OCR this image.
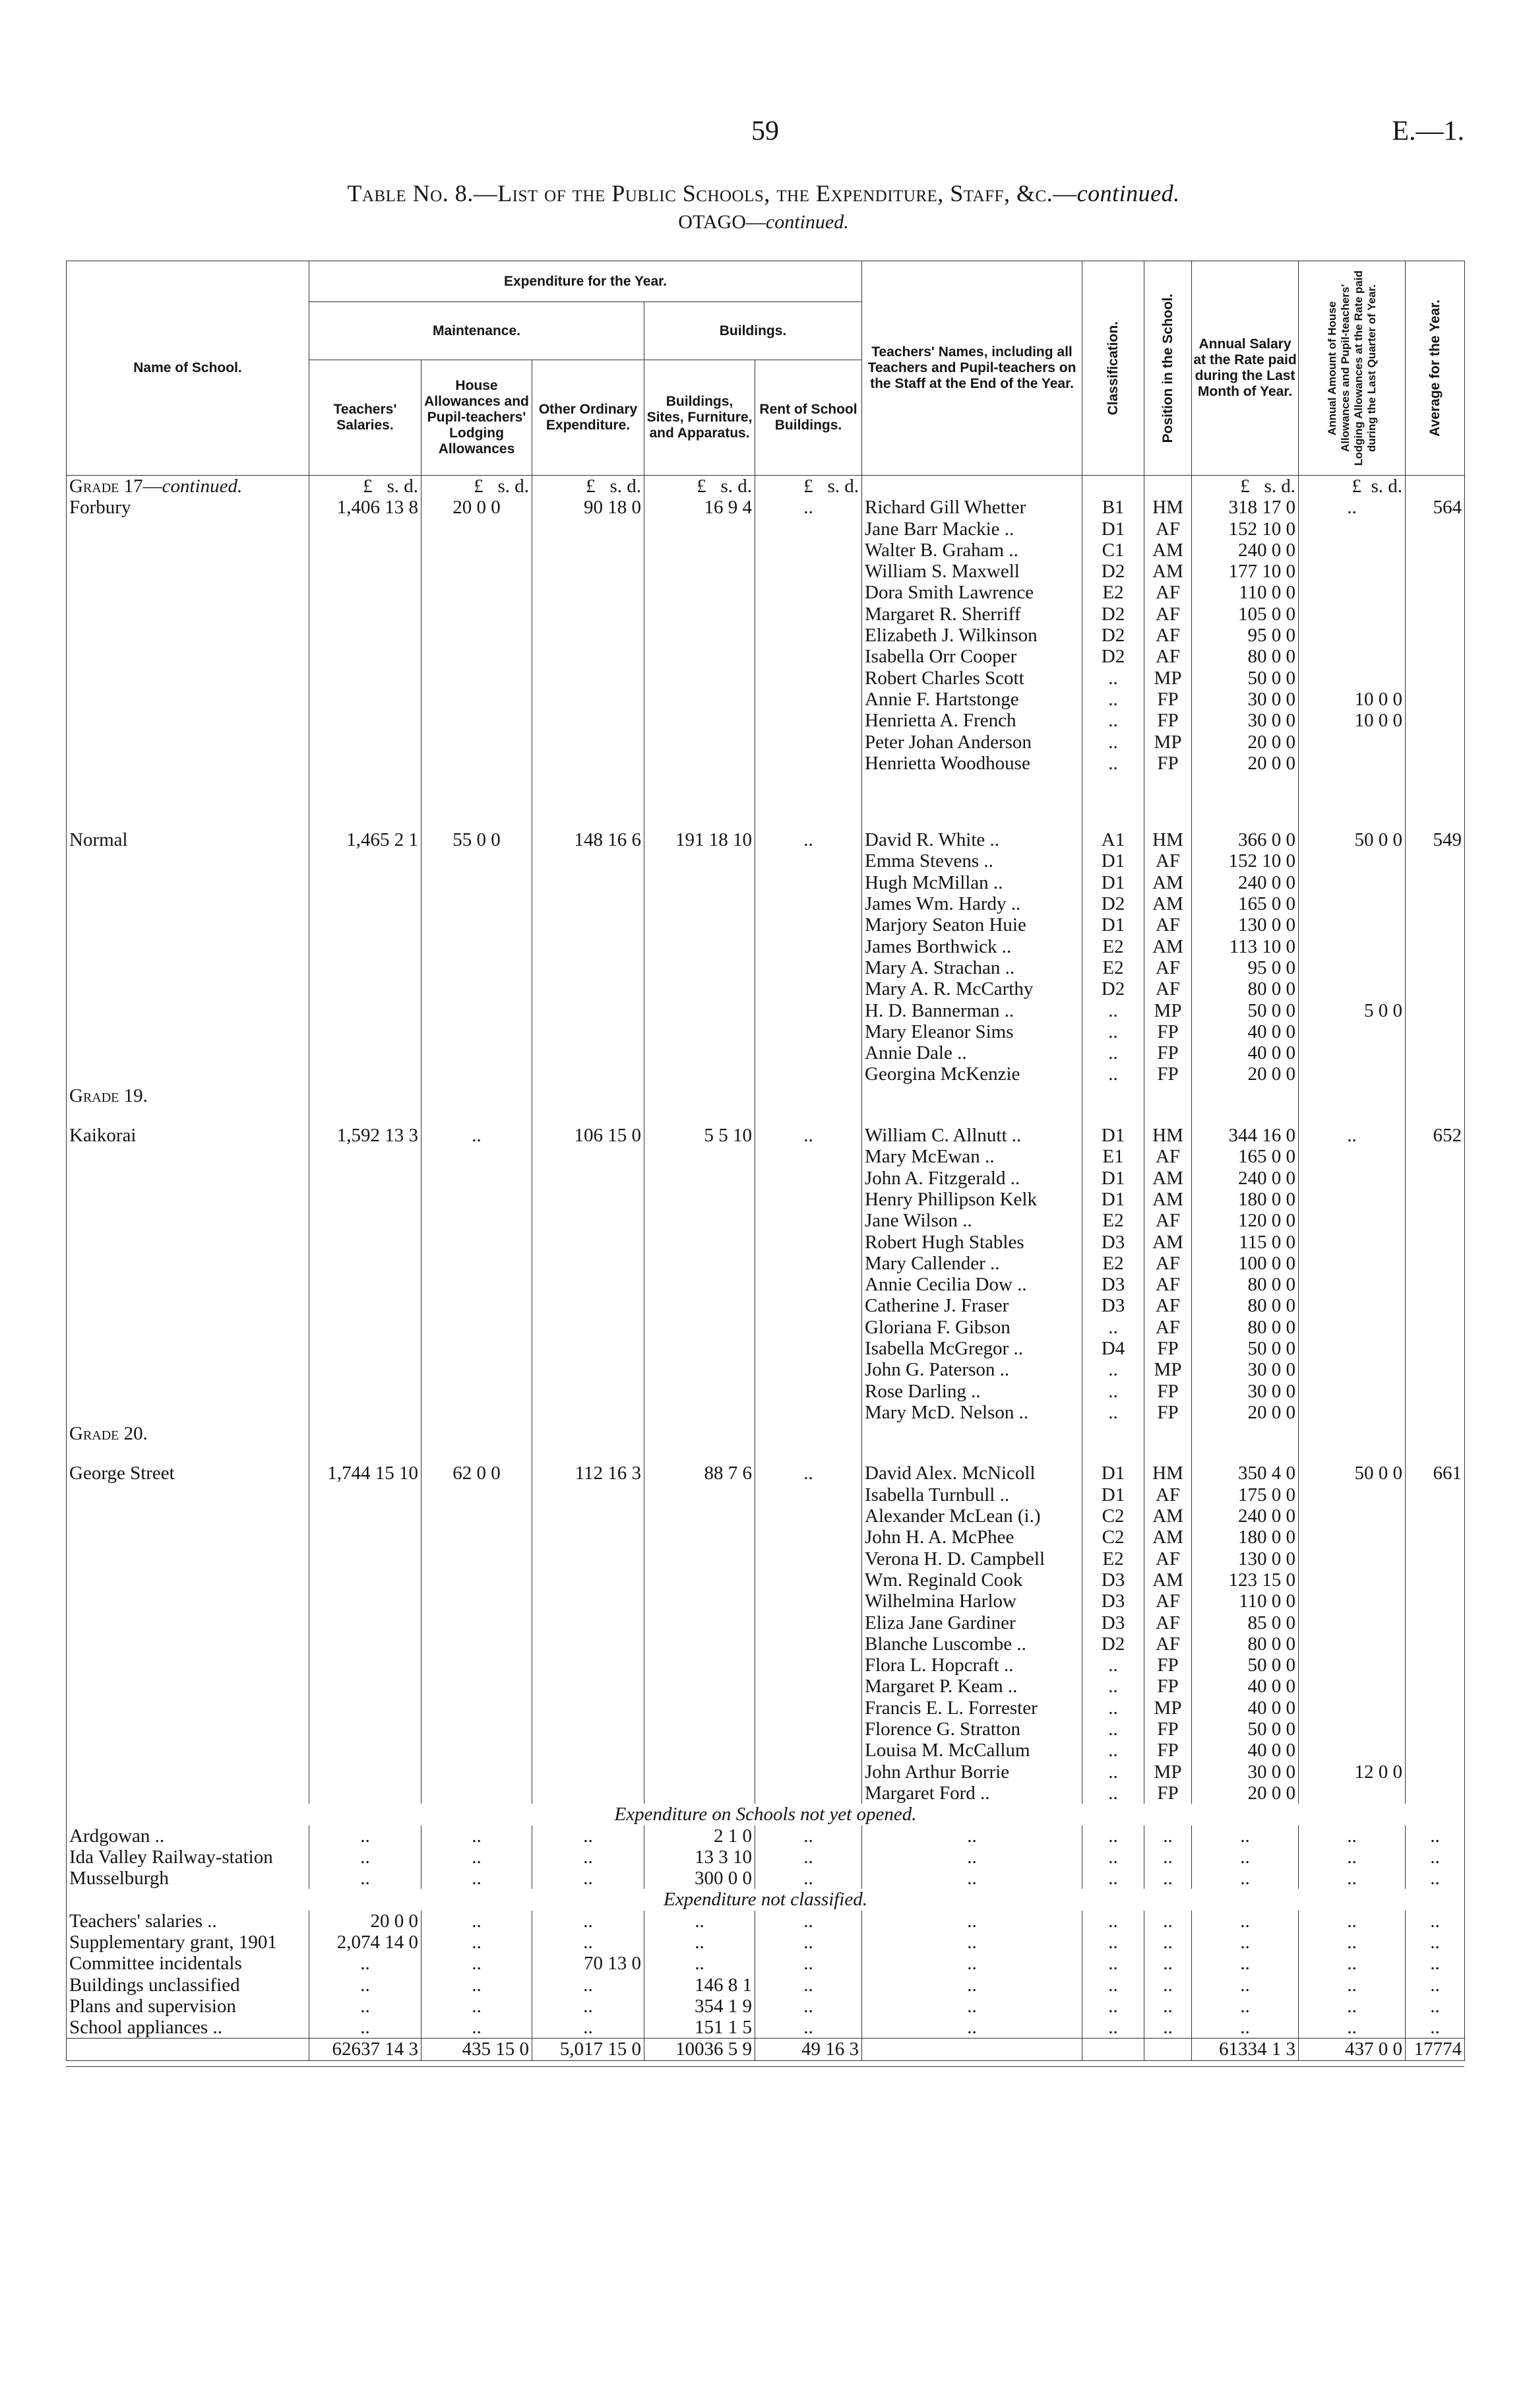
59	E.—1.
Table No. 8.—List of the Public Schools, the Expenditure, Staff, &c.—continued.
OTAGO—continued.
Name of School.	Expenditure for the Year.					Teachers' Names, including all Teachers and Pupil-teachers on the Staff at the End of the Year.	Classification.	Position in the School.	Annual Salary at the Rate paid during the Last Month of Year.	Annual Amount of House Allowances and Pupil-teachers' Lodging Allowances at the Rate paid during the Last Quarter of Year.	Average for the Year.

	Maintenance.			Buildings.							
	Teachers' Salaries.	House Allowances and Pupil-teachers' Lodging Allowances	Other Ordinary Expenditure.	Buildings, Sites, Furniture, and Apparatus.	Rent of School Buildings.						
Grade 17—continued.	£ s. d.	£ s. d.	£ s. d.	£ s. d.	£ s. d.				£ s. d.	£ s. d.	
Forbury	1,406 13 8	20 0 0	90 18 0	16 9 4	..	Richard Gill Whetter	B1	HM	318 17 0	..	564
						Jane Barr Mackie ..	D1	AF	152 10 0		
						Walter B. Graham ..	C1	AM	240 0 0		
						William S. Maxwell	D2	AM	177 10 0		
						Dora Smith Lawrence	E2	AF	110 0 0		
						Margaret R. Sherriff	D2	AF	105 0 0		
						Elizabeth J. Wilkinson	D2	AF	95 0 0		
						Isabella Orr Cooper	D2	AF	80 0 0		
						Robert Charles Scott	..	MP	50 0 0		
						Annie F. Hartstonge	..	FP	30 0 0	10 0 0	
						Henrietta A. French	..	FP	30 0 0	10 0 0	
						Peter Johan Anderson	..	MP	20 0 0		
						Henrietta Woodhouse	..	FP	20 0 0		

Normal	1,465 2 1	55 0 0	148 16 6	191 18 10	..	David R. White ..	A1	HM	366 0 0	50 0 0	549
						Emma Stevens ..	D1	AF	152 10 0		
						Hugh McMillan ..	D1	AM	240 0 0		
						James Wm. Hardy ..	D2	AM	165 0 0		
						Marjory Seaton Huie	D1	AF	130 0 0		
						James Borthwick ..	E2	AM	113 10 0		
						Mary A. Strachan ..	E2	AF	95 0 0		
						Mary A. R. McCarthy	D2	AF	80 0 0		
						H. D. Bannerman ..	..	MP	50 0 0	5 0 0	
						Mary Eleanor Sims	..	FP	40 0 0		
						Annie Dale ..	..	FP	40 0 0		
						Georgina McKenzie	..	FP	20 0 0		
Grade 19.											

Kaikorai	1,592 13 3	..	106 15 0	5 5 10	..	William C. Allnutt ..	D1	HM	344 16 0	..	652
						Mary McEwan ..	E1	AF	165 0 0		
						John A. Fitzgerald ..	D1	AM	240 0 0		
						Henry Phillipson Kelk	D1	AM	180 0 0		
						Jane Wilson ..	E2	AF	120 0 0		
						Robert Hugh Stables	D3	AM	115 0 0		
						Mary Callender ..	E2	AF	100 0 0		
						Annie Cecilia Dow ..	D3	AF	80 0 0		
						Catherine J. Fraser	D3	AF	80 0 0		
						Gloriana F. Gibson	..	AF	80 0 0		
						Isabella McGregor ..	D4	FP	50 0 0		
						John G. Paterson ..	..	MP	30 0 0		
						Rose Darling ..	..	FP	30 0 0		
						Mary McD. Nelson ..	..	FP	20 0 0		
Grade 20.											

George Street	1,744 15 10	62 0 0	112 16 3	88 7 6	..	David Alex. McNicoll	D1	HM	350 4 0	50 0 0	661
						Isabella Turnbull ..	D1	AF	175 0 0		
						Alexander McLean (i.)	C2	AM	240 0 0		
						John H. A. McPhee	C2	AM	180 0 0		
						Verona H. D. Campbell	E2	AF	130 0 0		
						Wm. Reginald Cook	D3	AM	123 15 0		
						Wilhelmina Harlow	D3	AF	110 0 0		
						Eliza Jane Gardiner	D3	AF	85 0 0		
						Blanche Luscombe ..	D2	AF	80 0 0		
						Flora L. Hopcraft ..	..	FP	50 0 0		
						Margaret P. Keam ..	..	FP	40 0 0		
						Francis E. L. Forrester	..	MP	40 0 0		
						Florence G. Stratton	..	FP	50 0 0		
						Louisa M. McCallum	..	FP	40 0 0		
						John Arthur Borrie	..	MP	30 0 0	12 0 0	
						Margaret Ford ..	..	FP	20 0 0		
Expenditure on Schools not yet opened.											
Ardgowan ..	..	..	..	2 1 0	..	..	..	..	..	..	..
Ida Valley Railway-station	..	..	..	13 3 10	..	..	..	..	..	..	..
Musselburgh	..	..	..	300 0 0	..	..	..	..	..	..	..
Expenditure not classified.											
Teachers' salaries ..	20 0 0	..	..	..	..	..	..	..	..	..	..
Supplementary grant, 1901	2,074 14 0	..	..	..	..	..	..	..	..	..	..
Committee incidentals	..	..	70 13 0	..	..	..	..	..	..	..	..
Buildings unclassified	..	..	..	146 8 1	..	..	..	..	..	..	..
Plans and supervision	..	..	..	354 1 9	..	..	..	..	..	..	..
School appliances ..	..	..	..	151 1 5	..	..	..	..	..	..	..
	62637 14 3	435 15 0	5,017 15 0	10036 5 9	49 16 3				61334 1 3	437 0 0	17774
